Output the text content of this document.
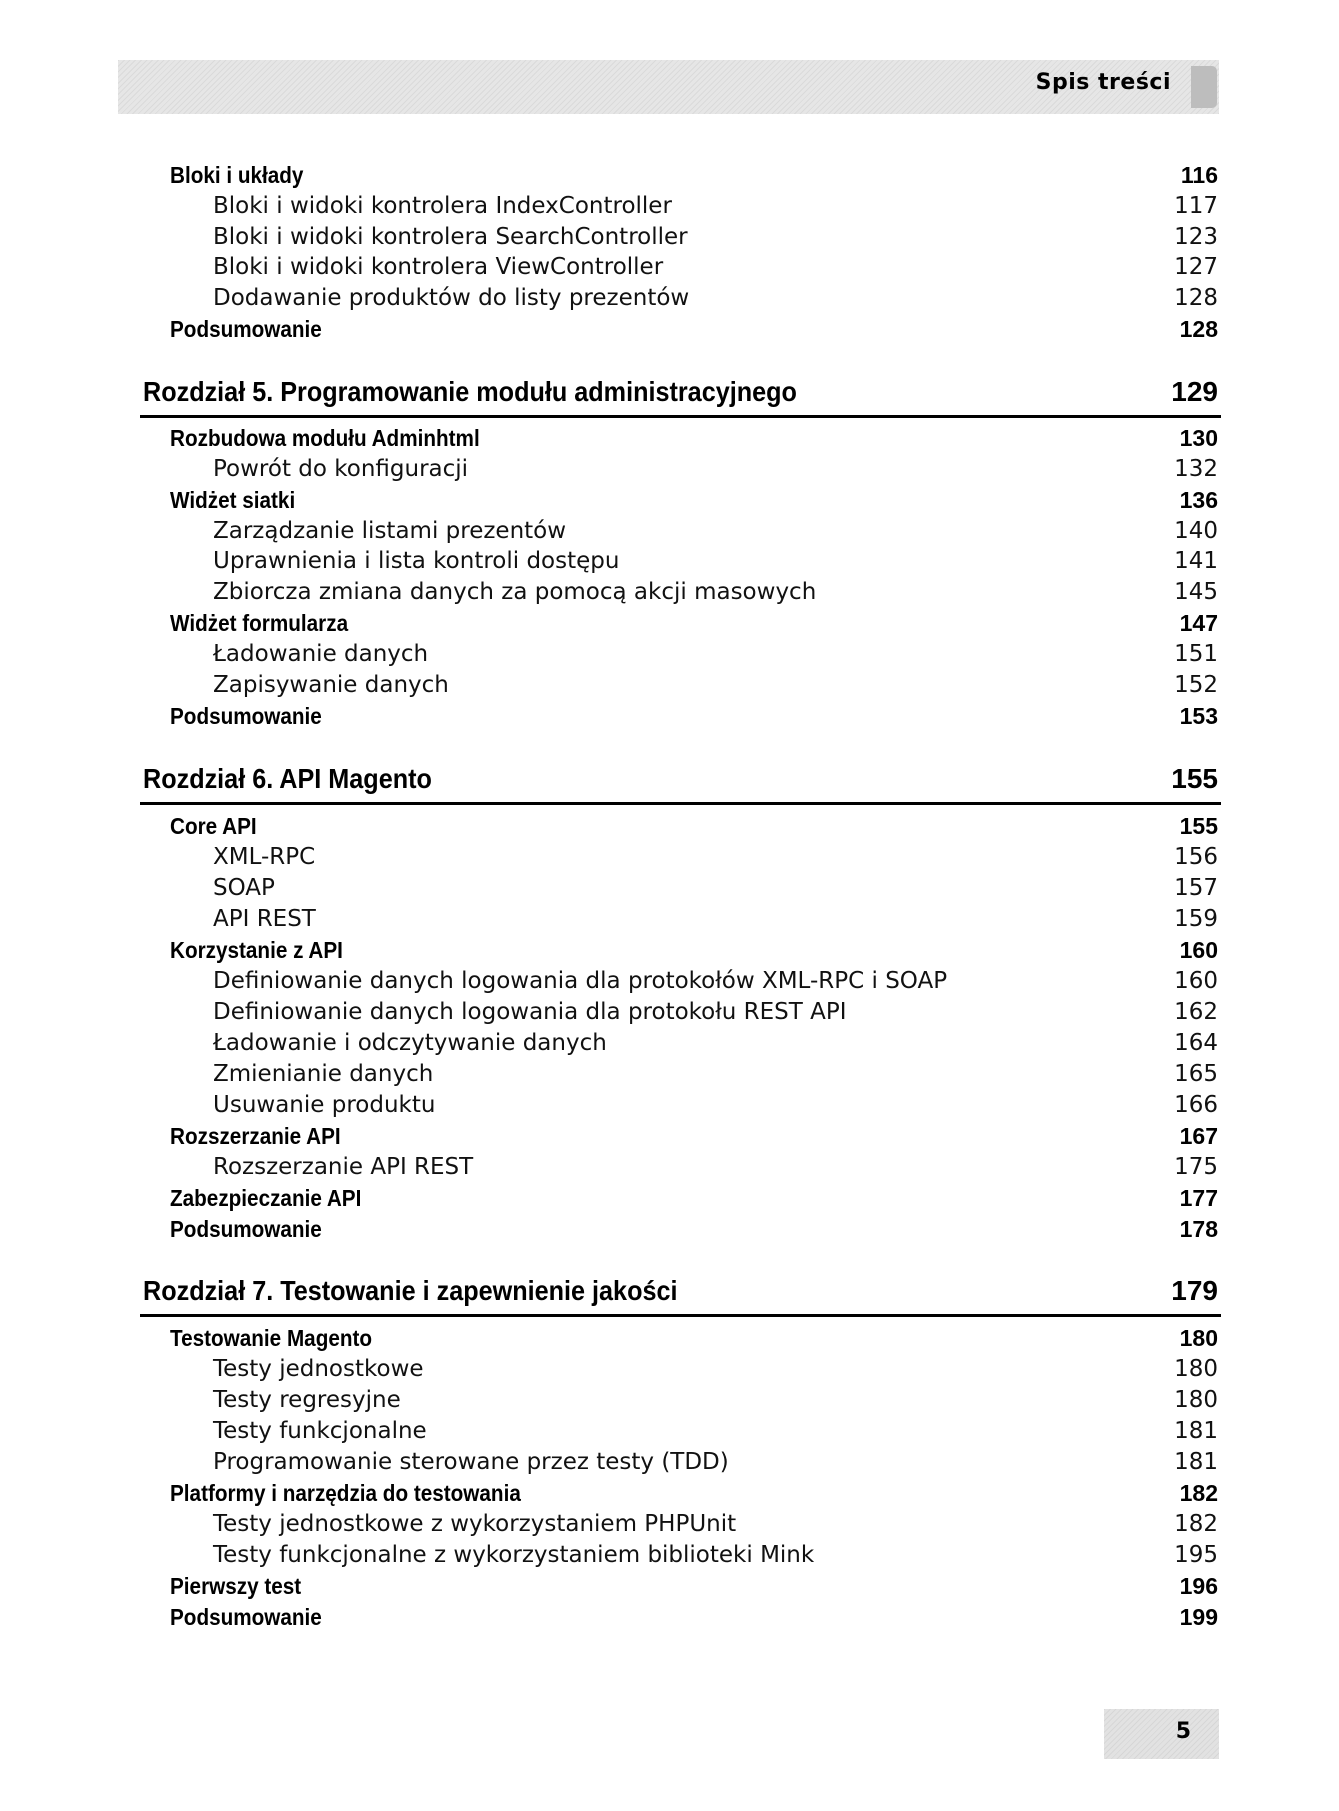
Spis treści
Bloki i układy	116
Bloki i widoki kontrolera IndexController	117
Bloki i widoki kontrolera SearchController	123
Bloki i widoki kontrolera ViewController	127
Dodawanie produktów do listy prezentów	128
Podsumowanie	128
Rozdział 5. Programowanie modułu administracyjnego	129
Rozbudowa modułu Adminhtml	130
Powrót do konfiguracji	132
Widżet siatki	136
Zarządzanie listami prezentów	140
Uprawnienia i lista kontroli dostępu	141
Zbiorcza zmiana danych za pomocą akcji masowych	145
Widżet formularza	147
Ładowanie danych	151
Zapisywanie danych	152
Podsumowanie	153
Rozdział 6. API Magento	155
Core API	155
XML-RPC	156
SOAP	157
API REST	159
Korzystanie z API	160
Definiowanie danych logowania dla protokołów XML-RPC i SOAP	160
Definiowanie danych logowania dla protokołu REST API	162
Ładowanie i odczytywanie danych	164
Zmienianie danych	165
Usuwanie produktu	166
Rozszerzanie API	167
Rozszerzanie API REST	175
Zabezpieczanie API	177
Podsumowanie	178
Rozdział 7. Testowanie i zapewnienie jakości	179
Testowanie Magento	180
Testy jednostkowe	180
Testy regresyjne	180
Testy funkcjonalne	181
Programowanie sterowane przez testy (TDD)	181
Platformy i narzędzia do testowania	182
Testy jednostkowe z wykorzystaniem PHPUnit	182
Testy funkcjonalne z wykorzystaniem biblioteki Mink	195
Pierwszy test	196
Podsumowanie	199
5
